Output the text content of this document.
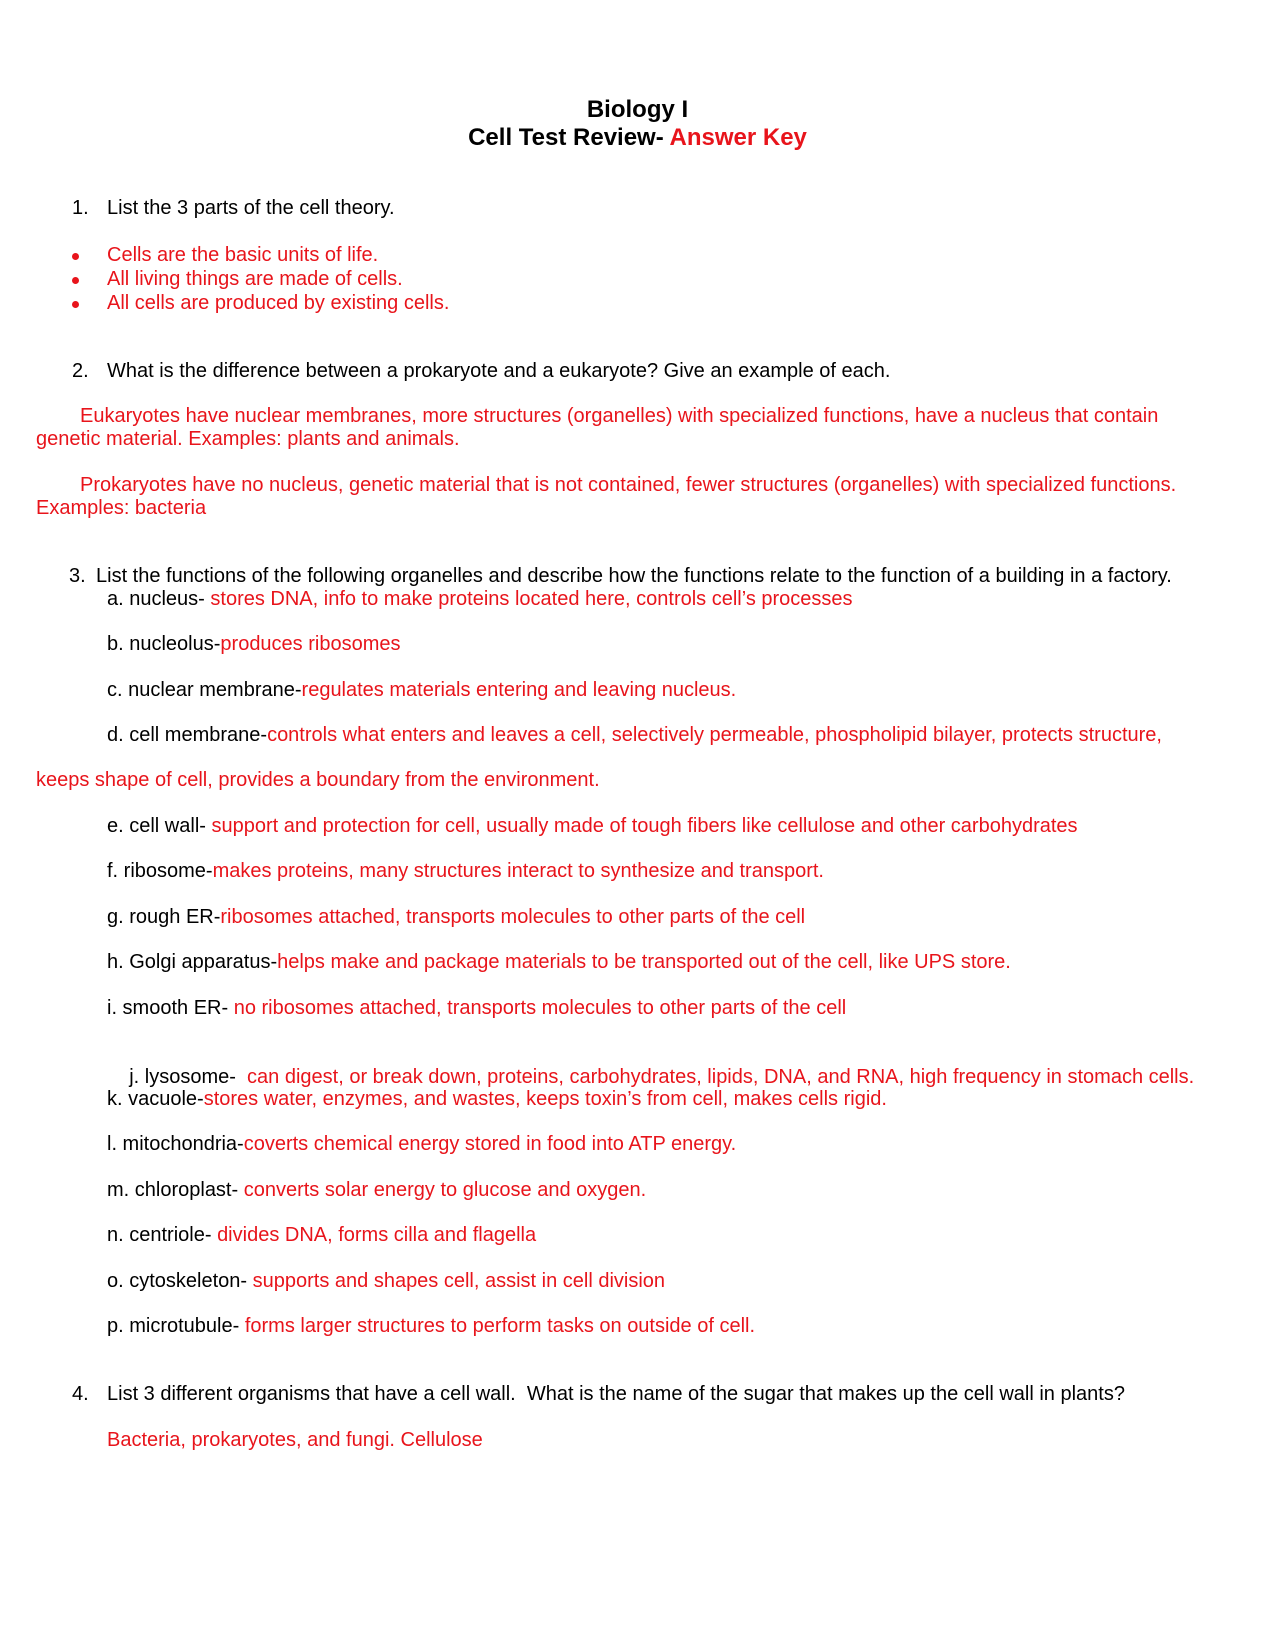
Biology I
Cell Test Review- Answer Key
1. List the 3 parts of the cell theory.
Cells are the basic units of life.
All living things are made of cells.
All cells are produced by existing cells.
2. What is the difference between a prokaryote and a eukaryote? Give an example of each.
Eukaryotes have nuclear membranes, more structures (organelles) with specialized functions, have a nucleus that contain
genetic material. Examples: plants and animals.
Prokaryotes have no nucleus, genetic material that is not contained, fewer structures (organelles) with specialized functions.
Examples: bacteria
3. List the functions of the following organelles and describe how the functions relate to the function of a building in a factory.
a. nucleus- stores DNA, info to make proteins located here, controls cell’s processes
b. nucleolus-produces ribosomes
c. nuclear membrane-regulates materials entering and leaving nucleus.
d. cell membrane-controls what enters and leaves a cell, selectively permeable, phospholipid bilayer, protects structure,
keeps shape of cell, provides a boundary from the environment.
e. cell wall- support and protection for cell, usually made of tough fibers like cellulose and other carbohydrates
f. ribosome-makes proteins, many structures interact to synthesize and transport.
g. rough ER-ribosomes attached, transports molecules to other parts of the cell
h. Golgi apparatus-helps make and package materials to be transported out of the cell, like UPS store.
i. smooth ER- no ribosomes attached, transports molecules to other parts of the cell

j. lysosome-  can digest, or break down, proteins, carbohydrates, lipids, DNA, and RNA, high frequency in stomach cells.

k. vacuole-stores water, enzymes, and wastes, keeps toxin’s from cell, makes cells rigid.
l. mitochondria-coverts chemical energy stored in food into ATP energy.
m. chloroplast- converts solar energy to glucose and oxygen.
n. centriole- divides DNA, forms cilla and flagella
o. cytoskeleton- supports and shapes cell, assist in cell division
p. microtubule- forms larger structures to perform tasks on outside of cell.
4. List 3 different organisms that have a cell wall.  What is the name of the sugar that makes up the cell wall in plants?
Bacteria, prokaryotes, and fungi. Cellulose
